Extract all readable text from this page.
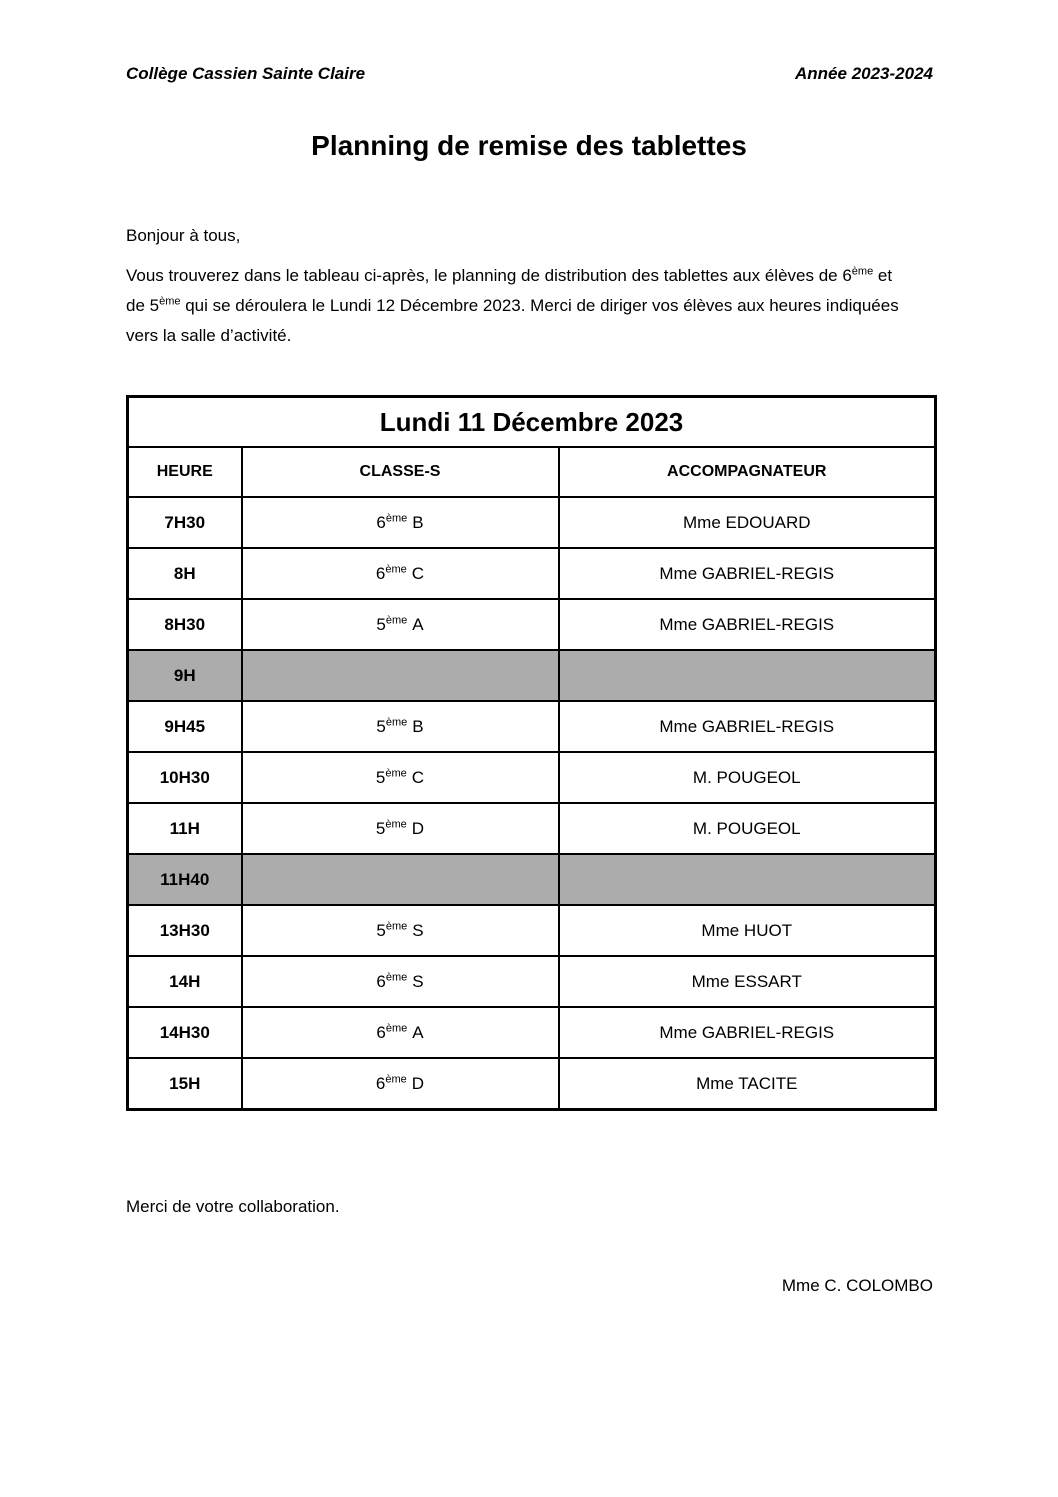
Collège Cassien Sainte Claire	Année 2023-2024
Planning de remise des tablettes
Bonjour à tous,
Vous trouverez dans le tableau ci-après, le planning de distribution des tablettes aux élèves de 6ème et
de 5ème qui se déroulera le Lundi 12 Décembre 2023. Merci de diriger vos élèves aux heures indiquées
vers la salle d’activité.
Lundi 11 Décembre 2023		
HEURE	CLASSE-S	ACCOMPAGNATEUR
7H30	6ème B	Mme EDOUARD
8H	6ème C	Mme GABRIEL-REGIS
8H30	5ème A	Mme GABRIEL-REGIS
9H		
9H45	5ème B	Mme GABRIEL-REGIS
10H30	5ème C	M. POUGEOL
11H	5ème D	M. POUGEOL
11H40		
13H30	5ème S	Mme HUOT
14H	6ème S	Mme ESSART
14H30	6ème A	Mme GABRIEL-REGIS
15H	6ème D	Mme TACITE
Merci de votre collaboration.
Mme C. COLOMBO
